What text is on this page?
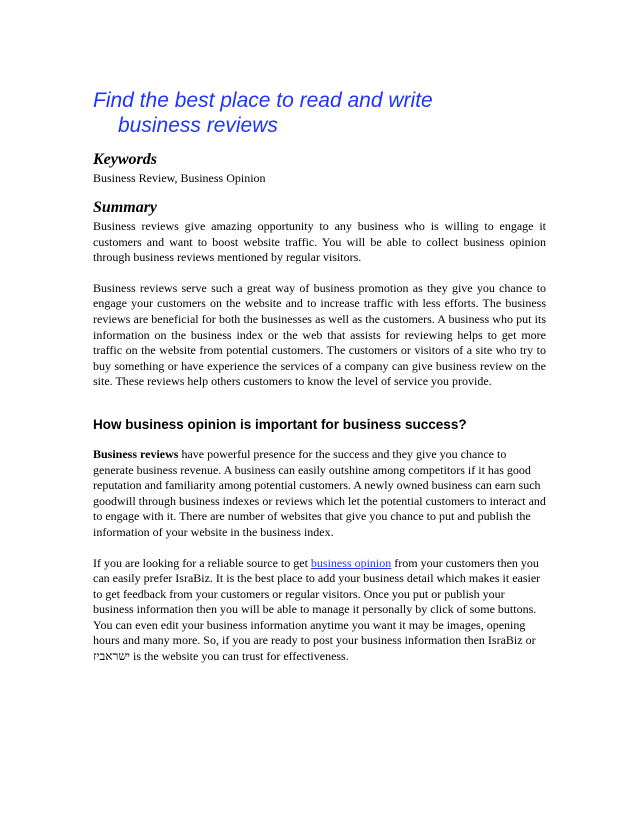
Find the best place to read and write
business reviews
Keywords

Business Review, Business Opinion

Summary

Business reviews give amazing opportunity to any business who is willing to engage it customers and want to boost website traffic. You will be able to collect business opinion through business reviews mentioned by regular visitors.

Business reviews serve such a great way of business promotion as they give you chance to engage your customers on the website and to increase traffic with less efforts. The business reviews are beneficial for both the businesses as well as the customers. A business who put its information on the business index or the web that assists for reviewing helps to get more traffic on the website from potential customers. The customers or visitors of a site who try to buy something or have experience the services of a company can give business review on the site. These reviews help others customers to know the level of service you provide.

How business opinion is important for business success?

Business reviews have powerful presence for the success and they give you chance to generate business revenue. A business can easily outshine among competitors if it has good reputation and familiarity among potential customers. A newly owned business can earn such goodwill through business indexes or reviews which let the potential customers to interact and to engage with it. There are number of websites that give you chance to put and publish the information of your website in the business index.

If you are looking for a reliable source to get business opinion from your customers then you can easily prefer IsraBiz. It is the best place to add your business detail which makes it easier to get feedback from your customers or regular visitors. Once you put or publish your business information then you will be able to manage it personally by click of some buttons. You can even edit your business information anytime you want it may be images, opening hours and many more. So, if you are ready to post your business information then IsraBiz or ישראביז is the website you can trust for effectiveness.
